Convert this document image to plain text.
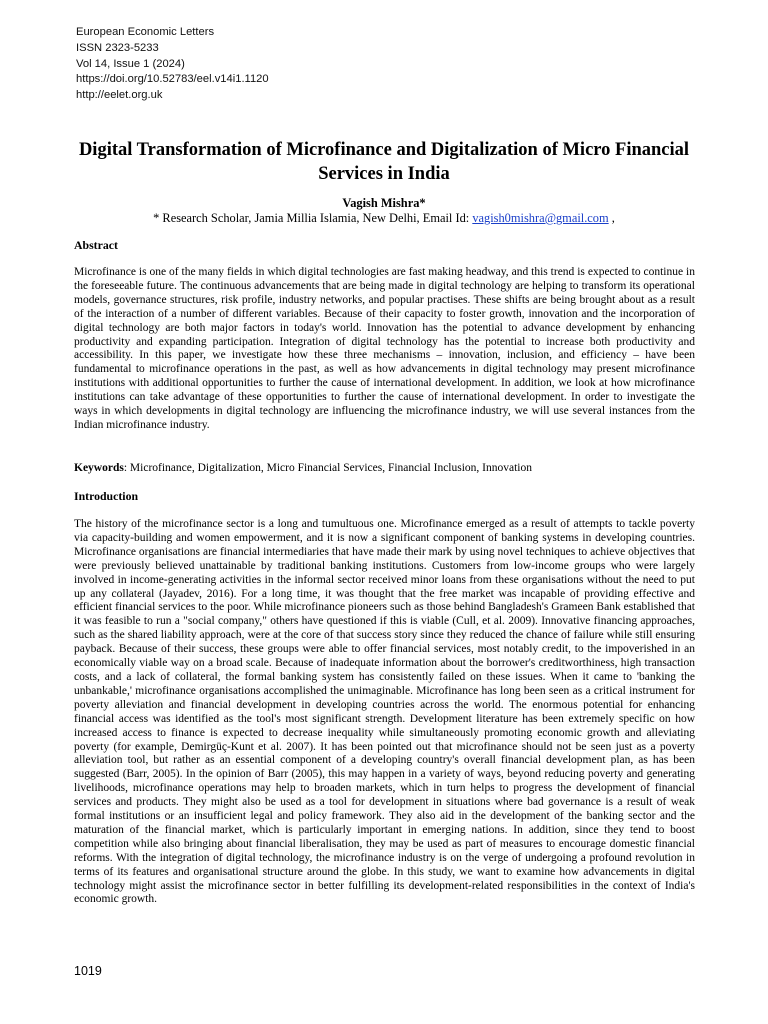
European Economic Letters
ISSN 2323-5233
Vol 14, Issue 1 (2024)
https://doi.org/10.52783/eel.v14i1.1120
http://eelet.org.uk
Digital Transformation of Microfinance and Digitalization of Micro Financial Services in India
Vagish Mishra*
* Research Scholar, Jamia Millia Islamia, New Delhi, Email Id: vagish0mishra@gmail.com ,
Abstract
Microfinance is one of the many fields in which digital technologies are fast making headway, and this trend is expected to continue in the foreseeable future. The continuous advancements that are being made in digital technology are helping to transform its operational models, governance structures, risk profile, industry networks, and popular practises. These shifts are being brought about as a result of the interaction of a number of different variables. Because of their capacity to foster growth, innovation and the incorporation of digital technology are both major factors in today's world. Innovation has the potential to advance development by enhancing productivity and expanding participation. Integration of digital technology has the potential to increase both productivity and accessibility. In this paper, we investigate how these three mechanisms – innovation, inclusion, and efficiency – have been fundamental to microfinance operations in the past, as well as how advancements in digital technology may present microfinance institutions with additional opportunities to further the cause of international development. In addition, we look at how microfinance institutions can take advantage of these opportunities to further the cause of international development. In order to investigate the ways in which developments in digital technology are influencing the microfinance industry, we will use several instances from the Indian microfinance industry.
Keywords: Microfinance, Digitalization, Micro Financial Services, Financial Inclusion, Innovation
Introduction
The history of the microfinance sector is a long and tumultuous one. Microfinance emerged as a result of attempts to tackle poverty via capacity-building and women empowerment, and it is now a significant component of banking systems in developing countries. Microfinance organisations are financial intermediaries that have made their mark by using novel techniques to achieve objectives that were previously believed unattainable by traditional banking institutions. Customers from low-income groups who were largely involved in income-generating activities in the informal sector received minor loans from these organisations without the need to put up any collateral (Jayadev, 2016). For a long time, it was thought that the free market was incapable of providing effective and efficient financial services to the poor. While microfinance pioneers such as those behind Bangladesh's Grameen Bank established that it was feasible to run a "social company," others have questioned if this is viable (Cull, et al. 2009). Innovative financing approaches, such as the shared liability approach, were at the core of that success story since they reduced the chance of failure while still ensuring payback. Because of their success, these groups were able to offer financial services, most notably credit, to the impoverished in an economically viable way on a broad scale. Because of inadequate information about the borrower's creditworthiness, high transaction costs, and a lack of collateral, the formal banking system has consistently failed on these issues. When it came to 'banking the unbankable,' microfinance organisations accomplished the unimaginable. Microfinance has long been seen as a critical instrument for poverty alleviation and financial development in developing countries across the world. The enormous potential for enhancing financial access was identified as the tool's most significant strength. Development literature has been extremely specific on how increased access to finance is expected to decrease inequality while simultaneously promoting economic growth and alleviating poverty (for example, Demirgüç-Kunt et al. 2007). It has been pointed out that microfinance should not be seen just as a poverty alleviation tool, but rather as an essential component of a developing country's overall financial development plan, as has been suggested (Barr, 2005). In the opinion of Barr (2005), this may happen in a variety of ways, beyond reducing poverty and generating livelihoods, microfinance operations may help to broaden markets, which in turn helps to progress the development of financial services and products. They might also be used as a tool for development in situations where bad governance is a result of weak formal institutions or an insufficient legal and policy framework. They also aid in the development of the banking sector and the maturation of the financial market, which is particularly important in emerging nations. In addition, since they tend to boost competition while also bringing about financial liberalisation, they may be used as part of measures to encourage domestic financial reforms. With the integration of digital technology, the microfinance industry is on the verge of undergoing a profound revolution in terms of its features and organisational structure around the globe. In this study, we want to examine how advancements in digital technology might assist the microfinance sector in better fulfilling its development-related responsibilities in the context of India's economic growth.
1019
